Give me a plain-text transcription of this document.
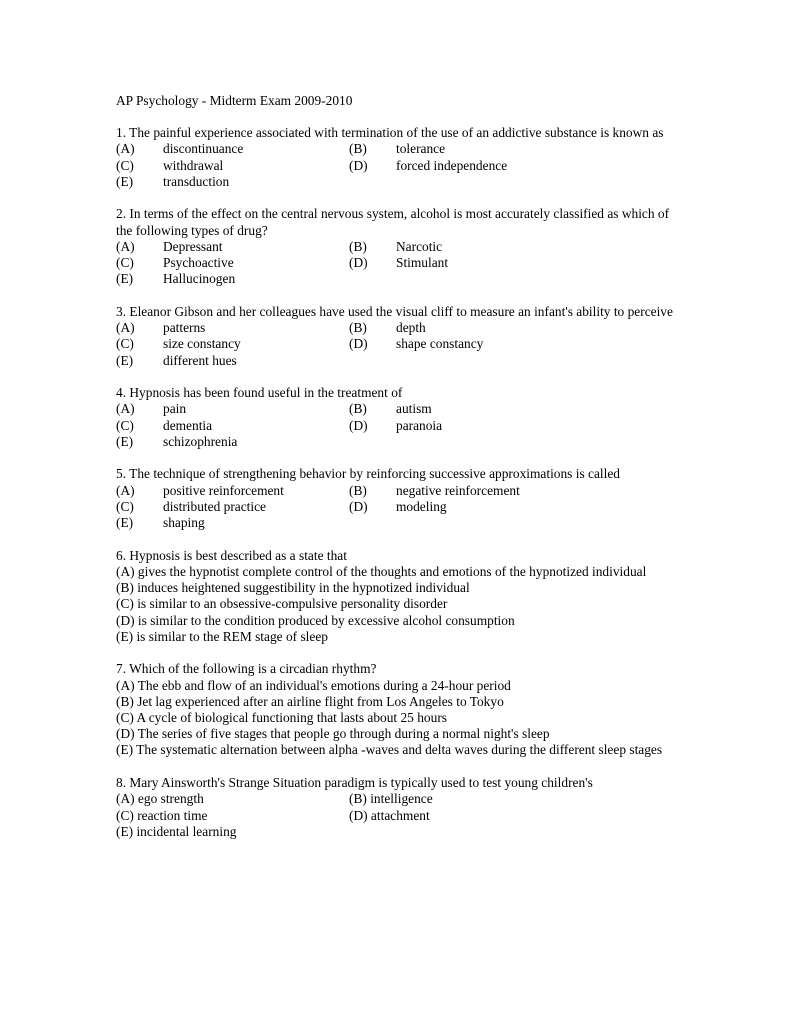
AP Psychology - Midterm Exam 2009-2010

1. The painful experience associated with termination of the use of an addictive substance is known as

(A) discontinuance	(B) tolerance
(C) withdrawal	(D) forced independence
(E) transduction

2. In terms of the effect on the central nervous system, alcohol is most accurately classified as which of the following types of drug?

(A) Depressant	(B) Narcotic
(C) Psychoactive	(D) Stimulant
(E) Hallucinogen

3. Eleanor Gibson and her colleagues have used the visual cliff to measure an infant's ability to perceive

(A) patterns	(B) depth
(C) size constancy	(D) shape constancy
(E) different hues

4. Hypnosis has been found useful in the treatment of

(A) pain	(B) autism
(C) dementia	(D) paranoia
(E) schizophrenia

5. The technique of strengthening behavior by reinforcing successive approximations is called

(A) positive reinforcement	(B) negative reinforcement
(C) distributed practice	(D) modeling
(E) shaping

6. Hypnosis is best described as a state that

(A) gives the hypnotist complete control of the thoughts and emotions of the hypnotized individual

(B) induces heightened suggestibility in the hypnotized individual

(C) is similar to an obsessive-compulsive personality disorder

(D) is similar to the condition produced by excessive alcohol consumption

(E) is similar to the REM stage of sleep

7. Which of the following is a circadian rhythm?

(A) The ebb and flow of an individual's emotions during a 24-hour period

(B) Jet lag experienced after an airline flight from Los Angeles to Tokyo

(C) A cycle of biological functioning that lasts about 25 hours

(D) The series of five stages that people go through during a normal night's sleep

(E) The systematic alternation between alpha -waves and delta waves during the different sleep stages

8. Mary Ainsworth's Strange Situation paradigm is typically used to test young children's

(A) ego strength	(B) intelligence
(C) reaction time	(D) attachment
(E) incidental learning
